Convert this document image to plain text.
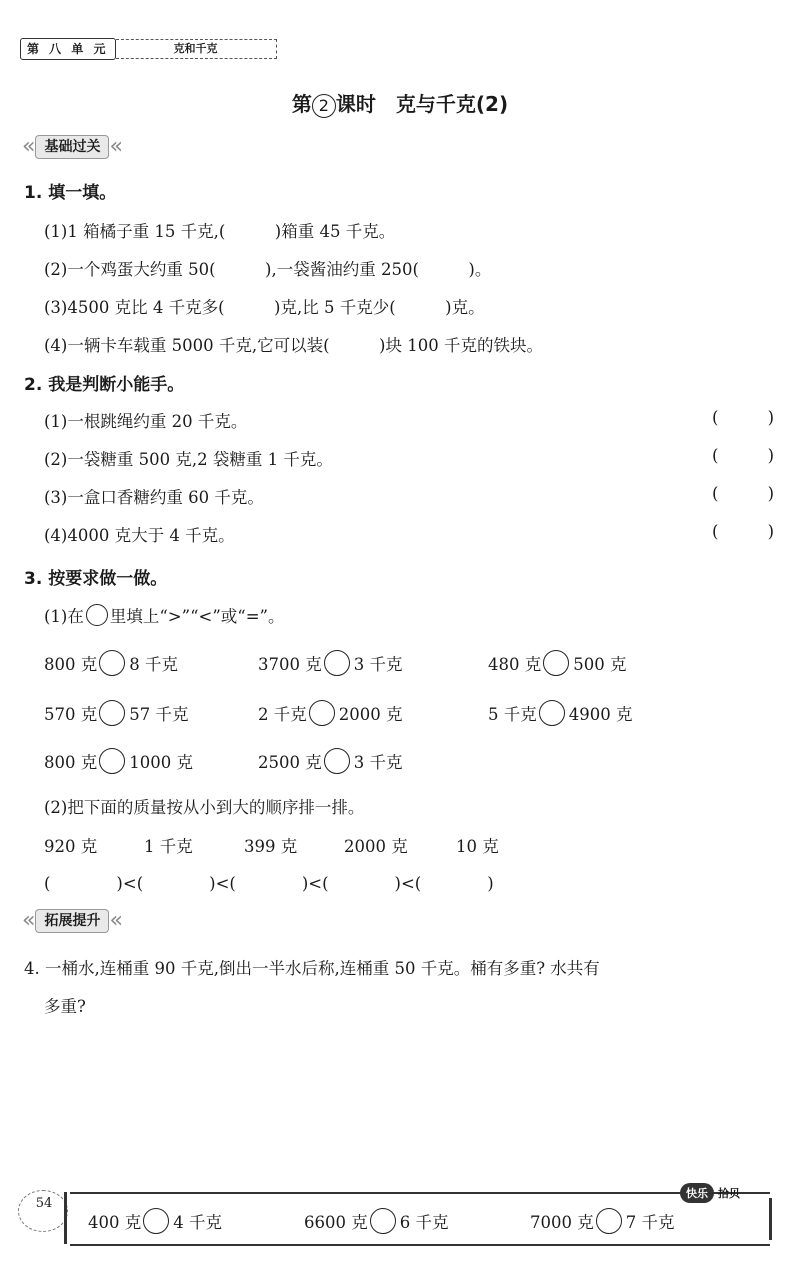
第 八 单 元	克和千克
第 2 课时　克与千克(2)
« 基础过关 «
1. 填一填。
(1)1 箱橘子重 15 千克,(　　　)箱重 45 千克。
(2)一个鸡蛋大约重 50(　　　),一袋酱油约重 250(　　　)。
(3)4500 克比 4 千克多(　　　)克,比 5 千克少(　　　)克。
(4)一辆卡车载重 5000 千克,它可以装(　　　)块 100 千克的铁块。
2. 我是判断小能手。
(1)一根跳绳约重 20 千克。	(	)
(2)一袋糖重 500 克,2 袋糖重 1 千克。	(	)
(3)一盒口香糖约重 60 千克。	(	)
(4)4000 克大于 4 千克。	(	)
3. 按要求做一做。
(1)在 里填上“>”“<”或“=”。
800 克 8 千克	3700 克 3 千克	480 克 500 克
570 克 57 千克	2 千克 2000 克	5 千克 4900 克
800 克 1000 克	2500 克 3 千克
(2)把下面的质量按从小到大的顺序排一排。
920 克	1 千克	399 克	2000 克	10 克
(　　　　)<(　　　　)<(　　　　)<(　　　　)<(　　　　)
« 拓展提升 «
4. 一桶水,连桶重 90 千克,倒出一半水后称,连桶重 50 千克。桶有多重? 水共有
多重?
54
快乐 拾贝
400 克 4 千克	6600 克 6 千克	7000 克 7 千克
